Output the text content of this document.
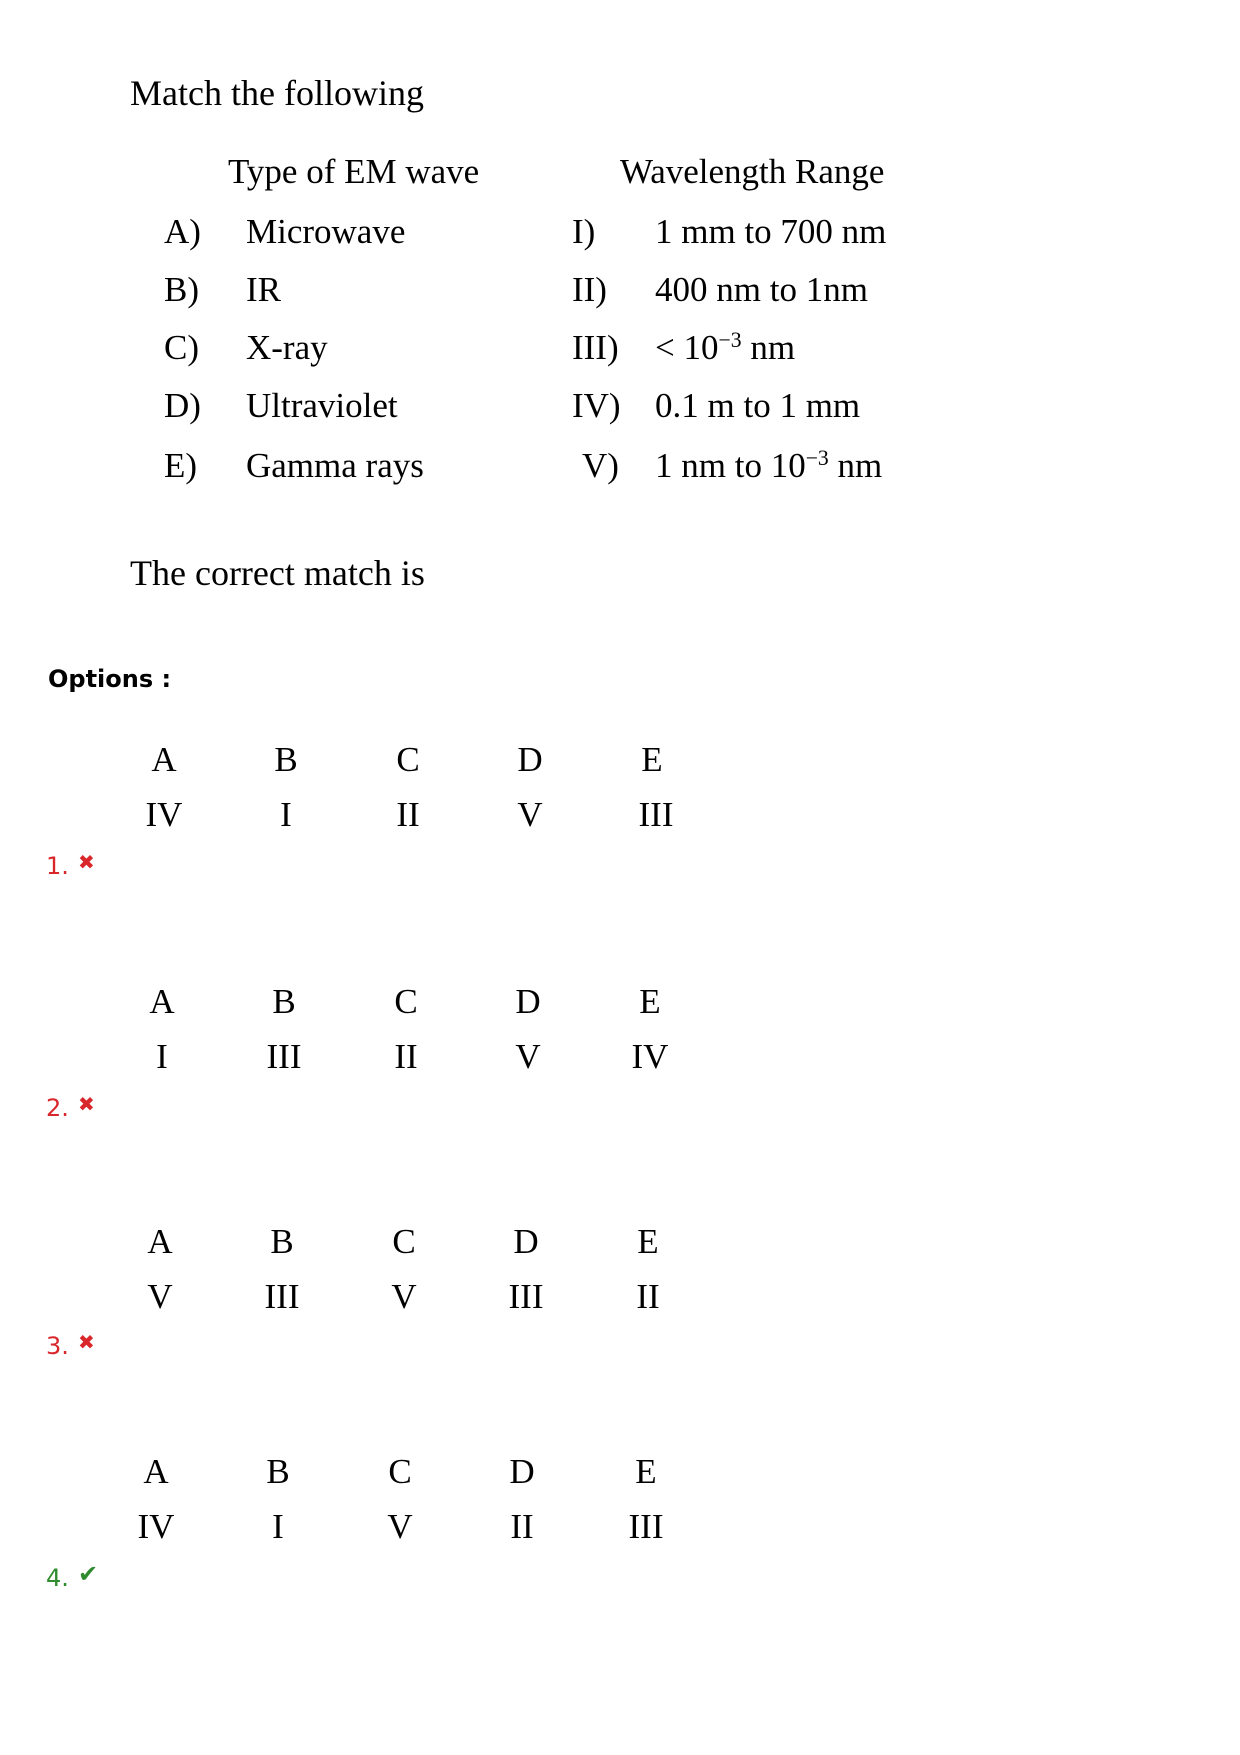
Match the following
Type of EM wave	Wavelength Range
A) Microwave	I) 1 mm to 700 nm
B) IR	II) 400 nm to 1nm
C) X-ray	$III) < 10^{-3}$ nm
D) Ultraviolet	IV) 0.1 m to 1 mm
E) Gamma rays	V) 1 nm to $10^{-3}$ nm
The correct match is
Options :
A	B	C	D	E
IV	I	II	V	III
1. ✖
A	B	C	D	E
I	III	II	V	IV
2. ✖
A	B	C	D	E
V	III	V	III	II
3. ✖
A	B	C	D	E
IV	I	V	II	III
4. ✔
